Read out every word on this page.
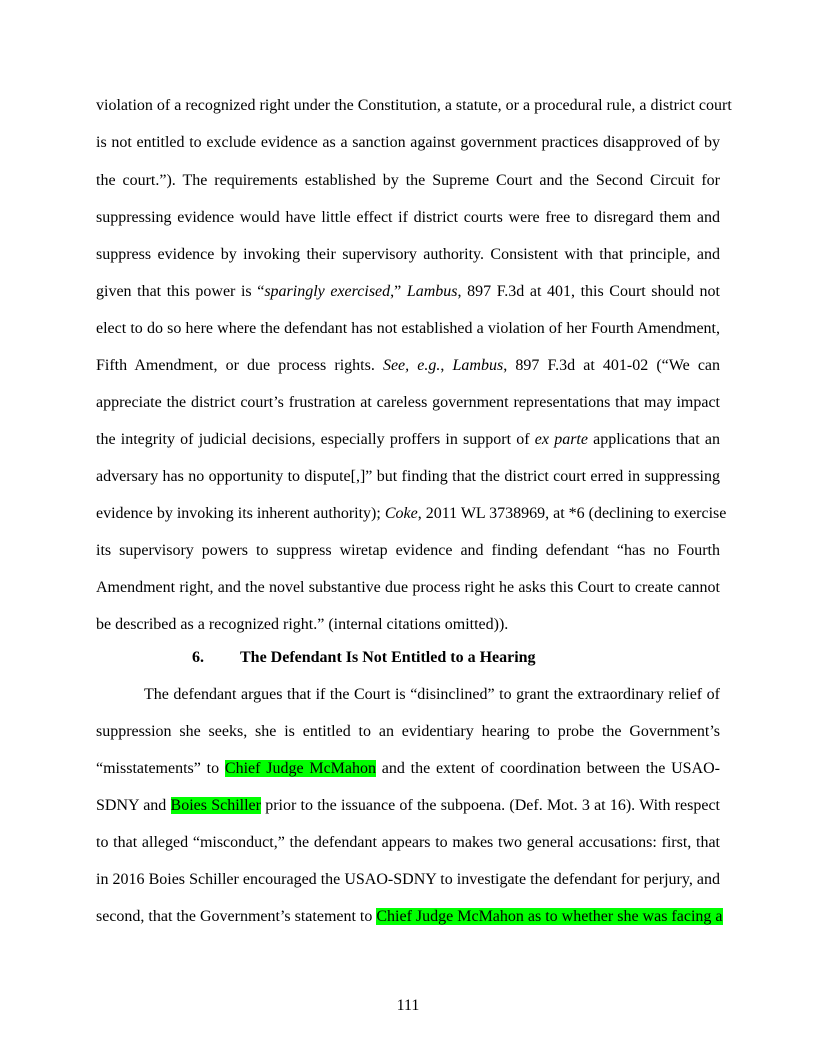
violation of a recognized right under the Constitution, a statute, or a procedural rule, a district court
is not entitled to exclude evidence as a sanction against government practices disapproved of by
the court.”). The requirements established by the Supreme Court and the Second Circuit for
suppressing evidence would have little effect if district courts were free to disregard them and
suppress evidence by invoking their supervisory authority. Consistent with that principle, and
given that this power is “sparingly exercised,” Lambus, 897 F.3d at 401, this Court should not
elect to do so here where the defendant has not established a violation of her Fourth Amendment,
Fifth Amendment, or due process rights. See, e.g., Lambus, 897 F.3d at 401-02 (“We can
appreciate the district court’s frustration at careless government representations that may impact
the integrity of judicial decisions, especially proffers in support of ex parte applications that an
adversary has no opportunity to dispute[,]” but finding that the district court erred in suppressing
evidence by invoking its inherent authority); Coke, 2011 WL 3738969, at *6 (declining to exercise
its supervisory powers to suppress wiretap evidence and finding defendant “has no Fourth
Amendment right, and the novel substantive due process right he asks this Court to create cannot
be described as a recognized right.” (internal citations omitted)).
6. The Defendant Is Not Entitled to a Hearing
The defendant argues that if the Court is “disinclined” to grant the extraordinary relief of
suppression she seeks, she is entitled to an evidentiary hearing to probe the Government’s
“misstatements” to Chief Judge McMahon and the extent of coordination between the USAO-
SDNY and Boies Schiller prior to the issuance of the subpoena. (Def. Mot. 3 at 16). With respect
to that alleged “misconduct,” the defendant appears to makes two general accusations: first, that
in 2016 Boies Schiller encouraged the USAO-SDNY to investigate the defendant for perjury, and
second, that the Government’s statement to Chief Judge McMahon as to whether she was facing a
111
